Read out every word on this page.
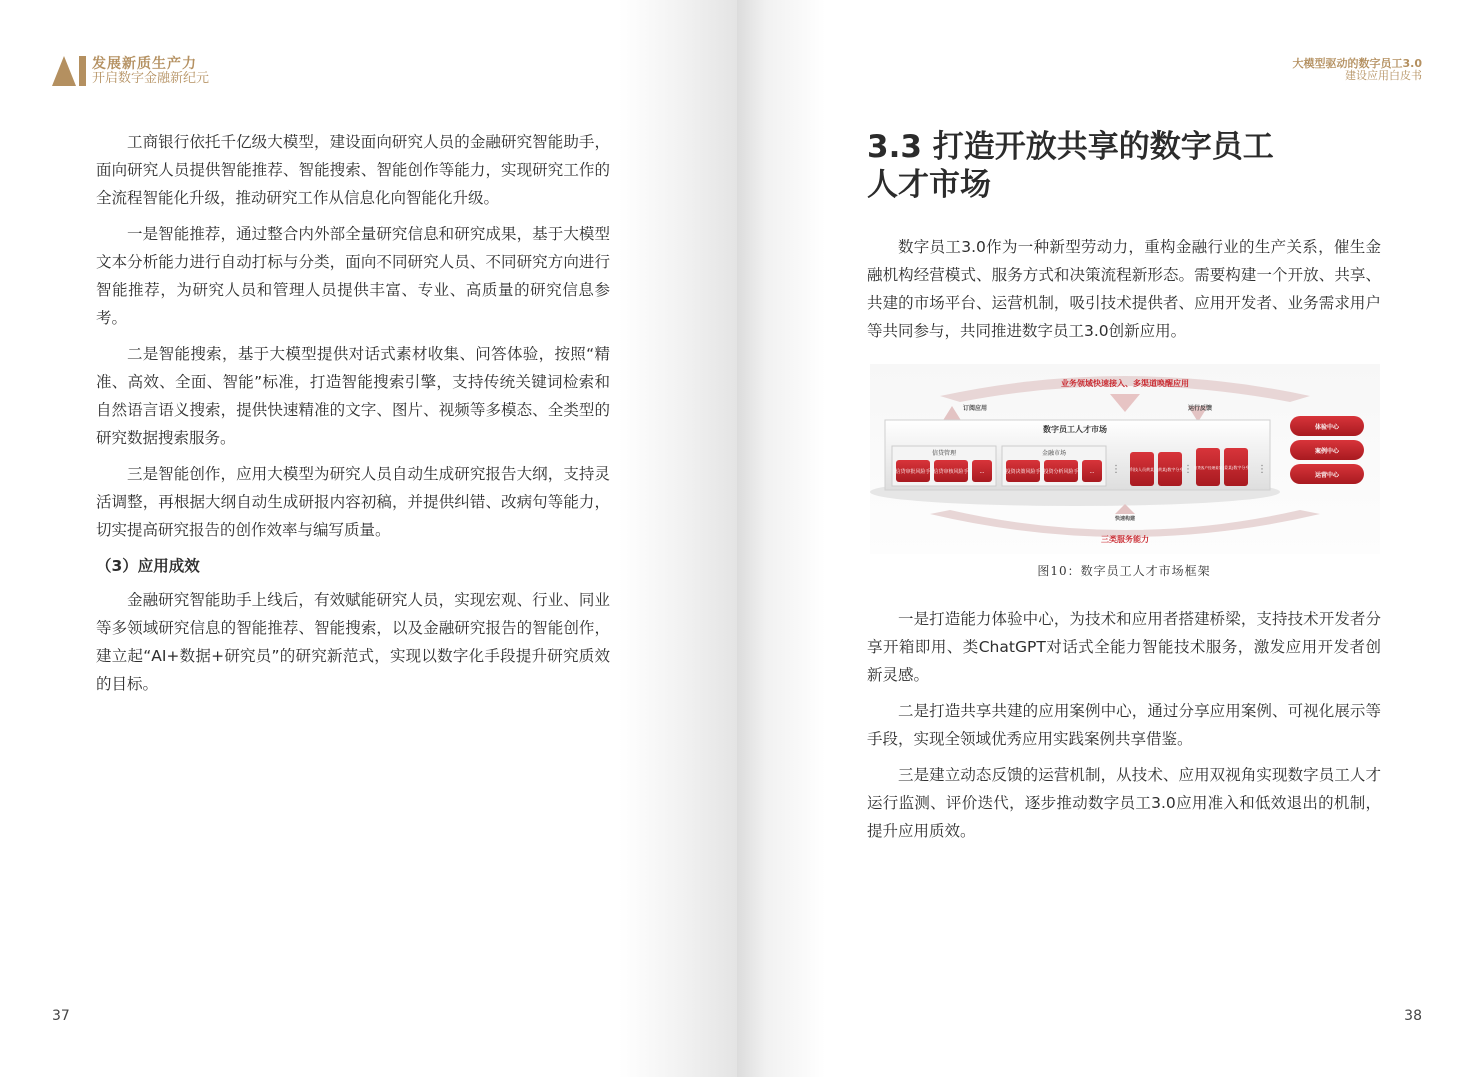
发展新质生产力
开启数字金融新纪元

工商银行依托千亿级大模型，建设面向研究人员的金融研究智能助手，面向研究人员提供智能推荐、智能搜索、智能创作等能力，实现研究工作的全流程智能化升级，推动研究工作从信息化向智能化升级。

一是智能推荐，通过整合内外部全量研究信息和研究成果，基于大模型文本分析能力进行自动打标与分类，面向不同研究人员、不同研究方向进行智能推荐，为研究人员和管理人员提供丰富、专业、高质量的研究信息参考。

二是智能搜索，基于大模型提供对话式素材收集、问答体验，按照“精准、高效、全面、智能”标准，打造智能搜索引擎，支持传统关键词检索和自然语言语义搜索，提供快速精准的文字、图片、视频等多模态、全类型的研究数据搜索服务。

三是智能创作，应用大模型为研究人员自动生成研究报告大纲，支持灵活调整，再根据大纲自动生成研报内容初稿，并提供纠错、改病句等能力，切实提高研究报告的创作效率与编写质量。

（3）应用成效

金融研究智能助手上线后，有效赋能研究人员，实现宏观、行业、同业等多领域研究信息的智能推荐、智能搜索，以及金融研究报告的智能创作，建立起“AI+数据+研究员”的研究新范式，实现以数字化手段提升研究质效的目标。

37
大模型驱动的数字员工3.0
建设应用白皮书
38
3.3 打造开放共享的数字员工
人才市场

数字员工3.0作为一种新型劳动力，重构金融行业的生产关系，催生金融机构经营模式、服务方式和决策流程新形态。需要构建一个开放、共享、共建的市场平台、运营机制，吸引技术提供者、应用开发者、业务需求用户等共同参与，共同推进数字员工3.0创新应用。

业务领域快速接入、多渠道唤醒应用
订阅应用	运行反馈
数字员工人才市场
信贷管理
信贷审批风险手 信贷审核风险手 ...
金融市场
投资决策风险手 投资分析风险手 ...	科技人员黄某 (黄某)数字分身	信贷客户经理姜某 (姜某)数字分身
⋮	⋮	⋮
体验中心
案例中心
运营中心
快速构建
三类服务能力
图10：数字员工人才市场框架

一是打造能力体验中心，为技术和应用者搭建桥梁，支持技术开发者分享开箱即用、类ChatGPT对话式全能力智能技术服务，激发应用开发者创新灵感。

二是打造共享共建的应用案例中心，通过分享应用案例、可视化展示等手段，实现全领域优秀应用实践案例共享借鉴。

三是建立动态反馈的运营机制，从技术、应用双视角实现数字员工人才运行监测、评价迭代，逐步推动数字员工3.0应用准入和低效退出的机制，提升应用质效。
